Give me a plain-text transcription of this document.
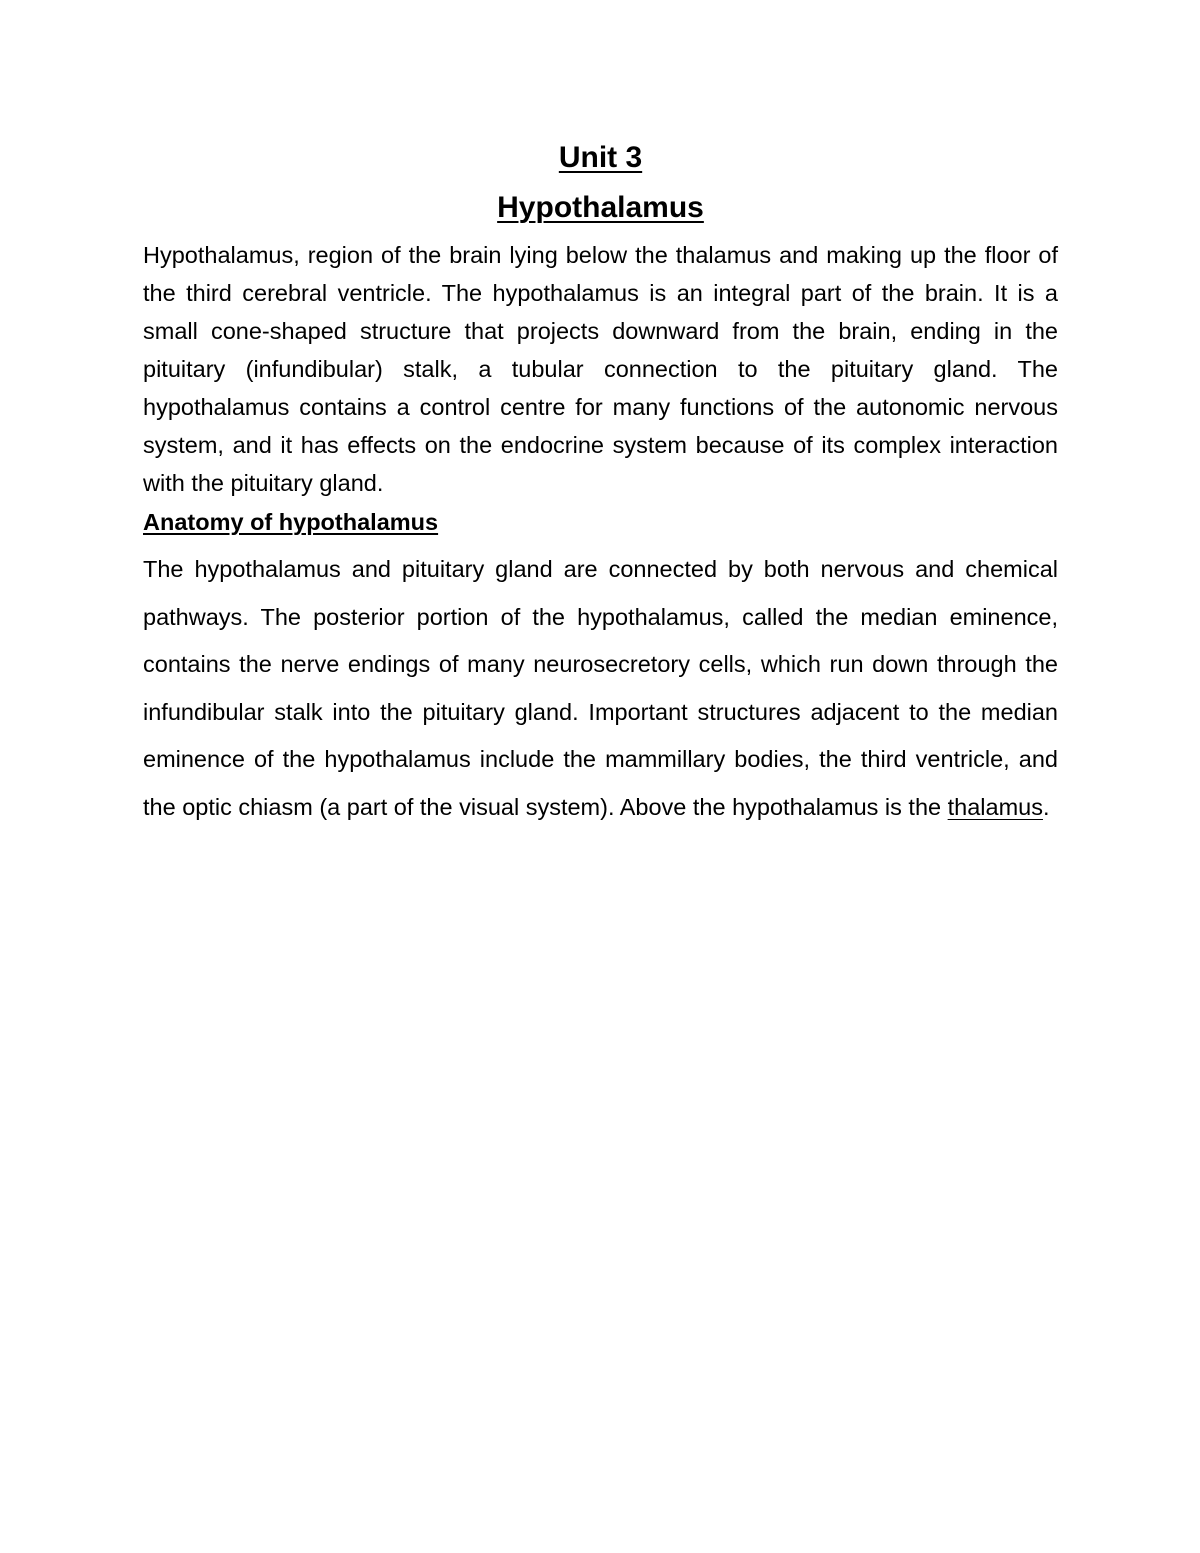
Unit 3
Hypothalamus

Hypothalamus, region of the brain lying below the thalamus and making up the floor of the third cerebral ventricle. The hypothalamus is an integral part of the brain. It is a small cone-shaped structure that projects downward from the brain, ending in the pituitary (infundibular) stalk, a tubular connection to the pituitary gland. The hypothalamus contains a control centre for many functions of the autonomic nervous system, and it has effects on the endocrine system because of its complex interaction with the pituitary gland.

Anatomy of hypothalamus

The hypothalamus and pituitary gland are connected by both nervous and chemical pathways. The posterior portion of the hypothalamus, called the median eminence, contains the nerve endings of many neurosecretory cells, which run down through the infundibular stalk into the pituitary gland. Important structures adjacent to the median eminence of the hypothalamus include the mammillary bodies, the third ventricle, and the optic chiasm (a part of the visual system). Above the hypothalamus is the thalamus.
